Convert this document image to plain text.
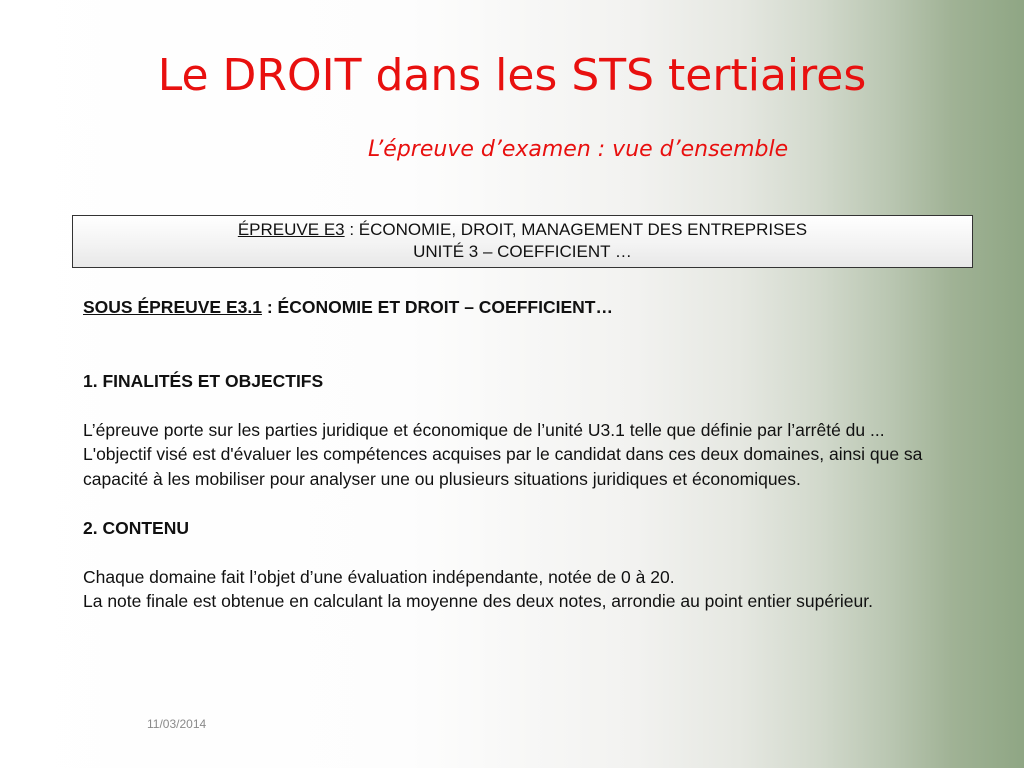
Le DROIT dans les STS tertiaires

L’épreuve d’examen : vue d’ensemble

ÉPREUVE E3 : ÉCONOMIE, DROIT, MANAGEMENT DES ENTREPRISES
UNITÉ 3 – COEFFICIENT …

SOUS ÉPREUVE E3.1 : ÉCONOMIE ET DROIT – COEFFICIENT…

1. FINALITÉS ET OBJECTIFS

L’épreuve porte sur les parties juridique et économique de l’unité U3.1 telle que définie par l’arrêté du ...

L'objectif visé est d'évaluer les compétences acquises par le candidat dans ces deux domaines, ainsi que sa capacité à les mobiliser pour analyser une ou plusieurs situations juridiques et économiques.

2. CONTENU

Chaque domaine fait l’objet d’une évaluation indépendante, notée de 0 à 20.

La note finale est obtenue en calculant la moyenne des deux notes, arrondie au point entier supérieur.

11/03/2014
